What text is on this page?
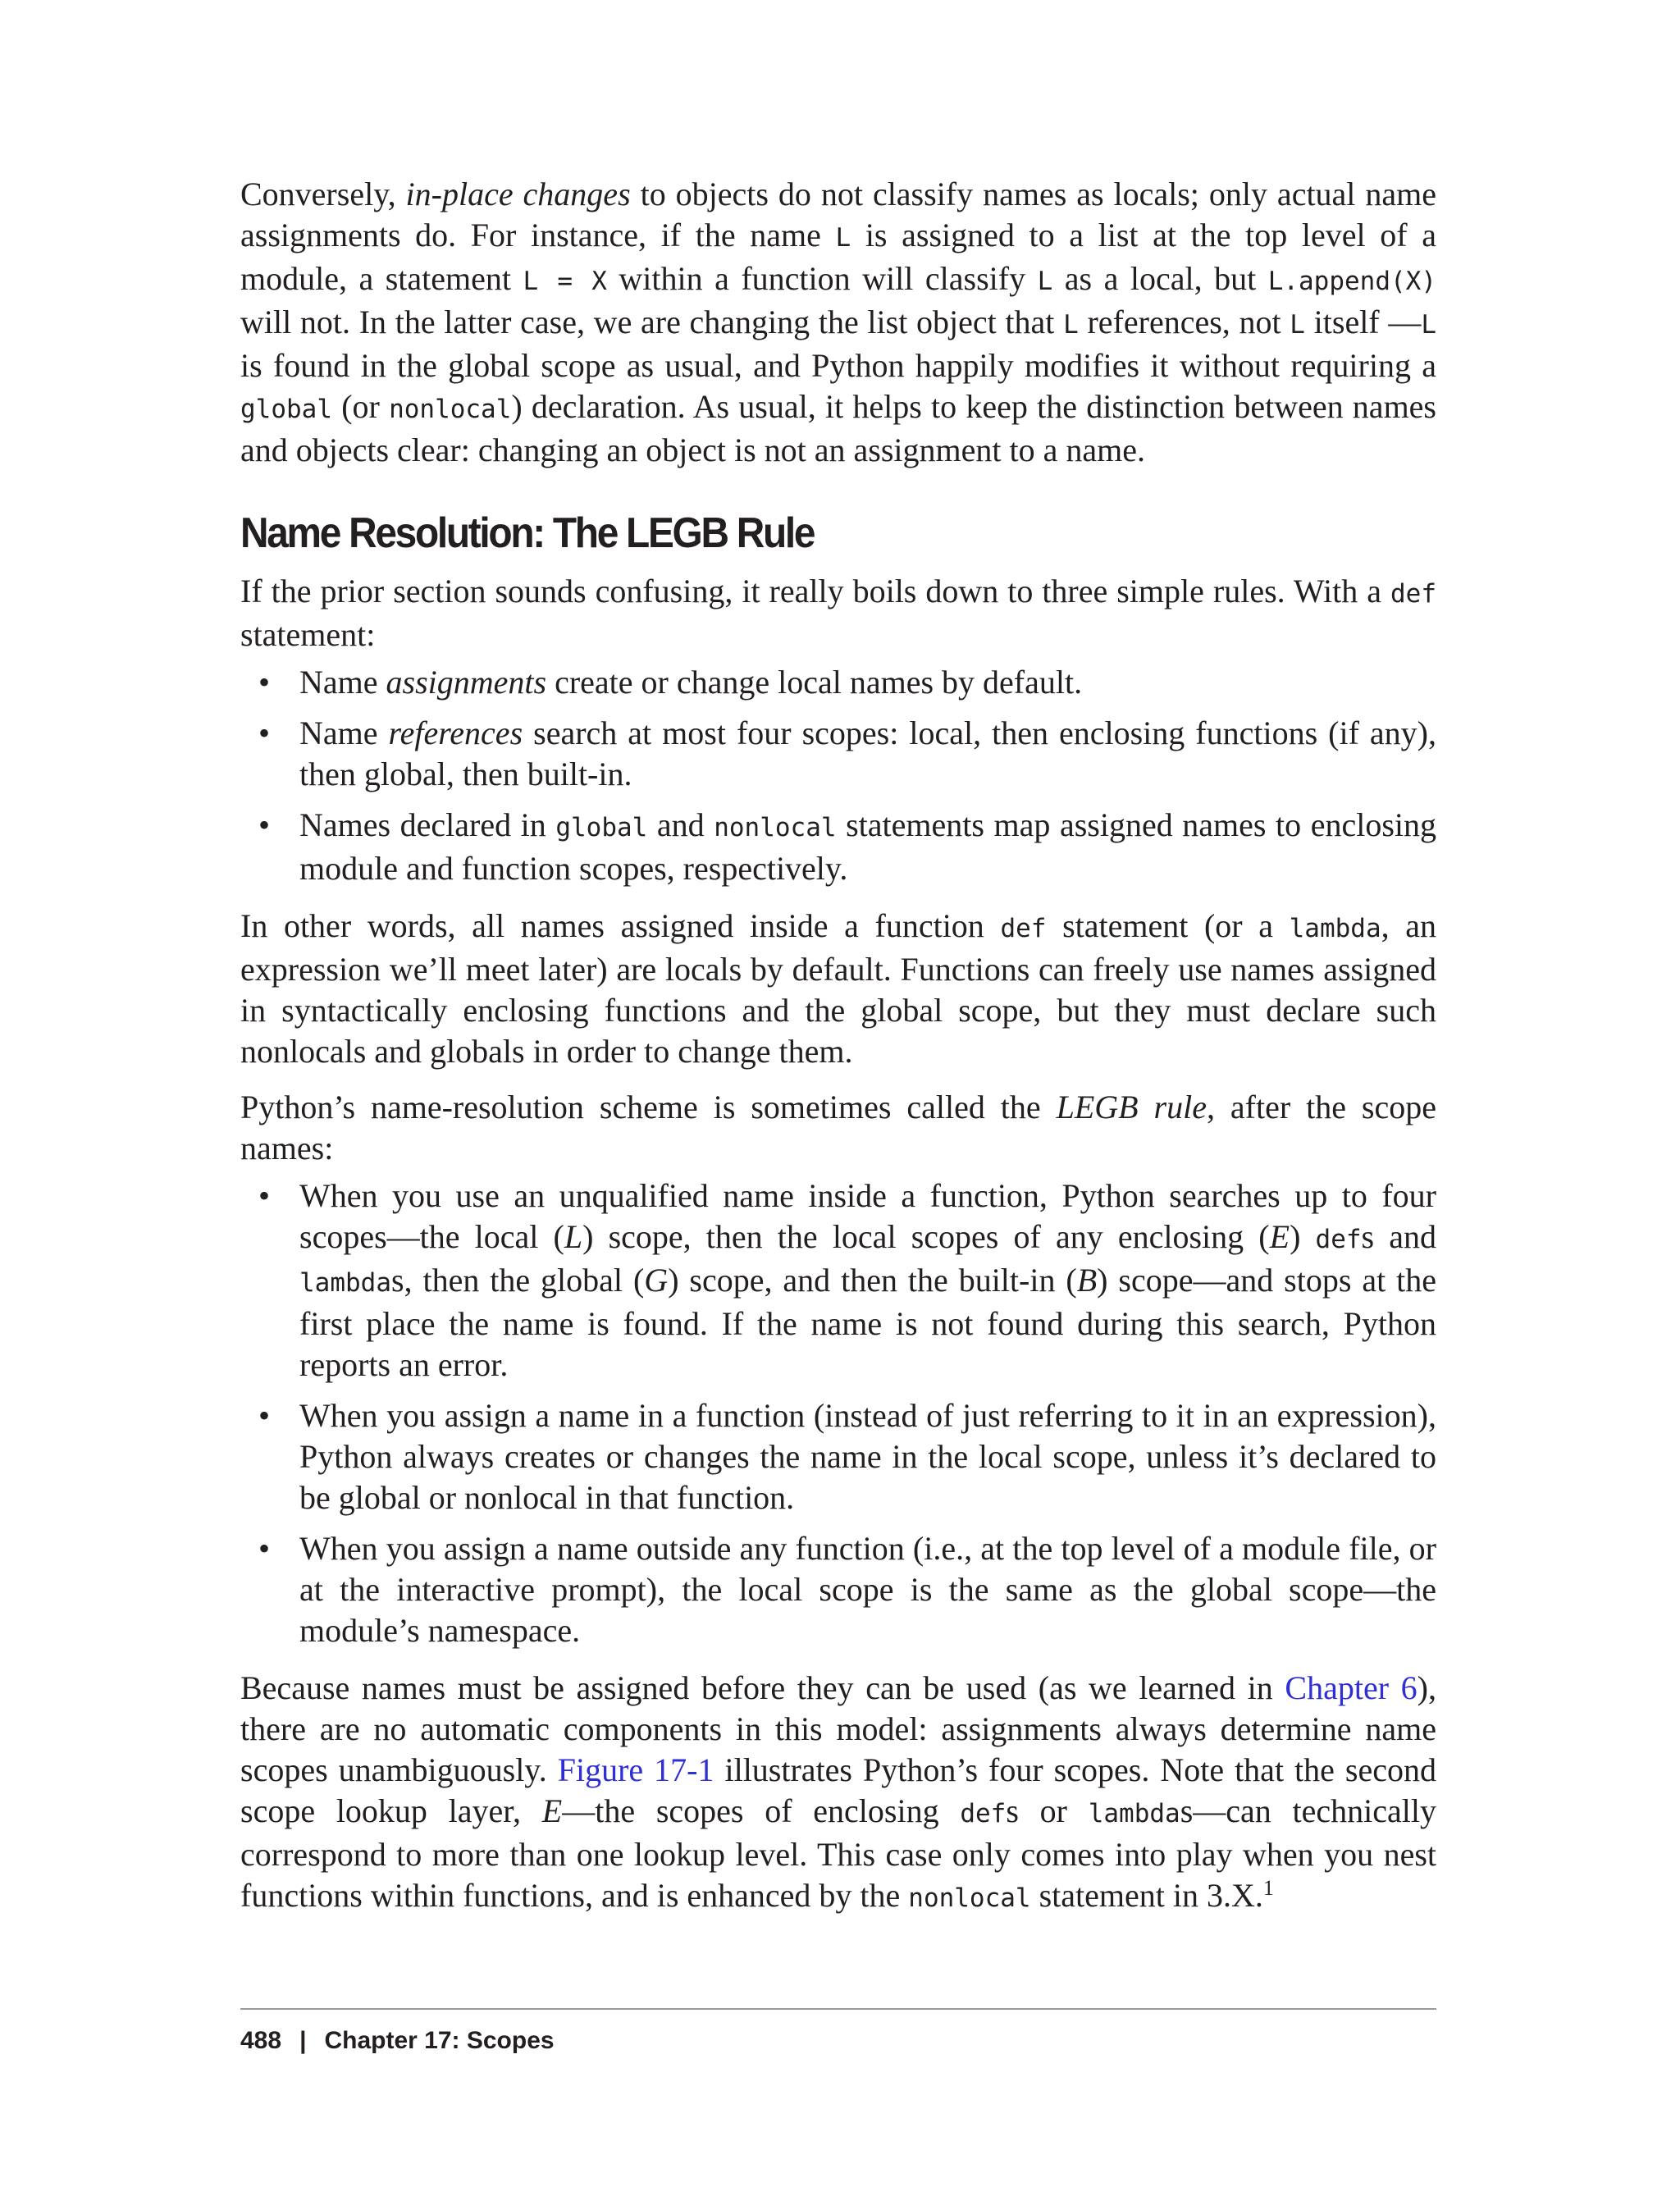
Conversely, in-place changes to objects do not classify names as locals; only actual name assignments do. For instance, if the name L is assigned to a list at the top level of a module, a statement L = X within a function will classify L as a local, but L.append(X) will not. In the latter case, we are changing the list object that L references, not L itself —L is found in the global scope as usual, and Python happily modifies it without requiring a global (or nonlocal) declaration. As usual, it helps to keep the distinction between names and objects clear: changing an object is not an assignment to a name.

Name Resolution: The LEGB Rule

If the prior section sounds confusing, it really boils down to three simple rules. With a def statement:

• Name assignments create or change local names by default.
• Name references search at most four scopes: local, then enclosing functions (if any), then global, then built-in.
• Names declared in global and nonlocal statements map assigned names to enclosing module and function scopes, respectively.

In other words, all names assigned inside a function def statement (or a lambda, an expression we’ll meet later) are locals by default. Functions can freely use names assigned in syntactically enclosing functions and the global scope, but they must declare such nonlocals and globals in order to change them.

Python’s name-resolution scheme is sometimes called the LEGB rule, after the scope names:

• When you use an unqualified name inside a function, Python searches up to four scopes—the local (L) scope, then the local scopes of any enclosing (E) defs and lambdas, then the global (G) scope, and then the built-in (B) scope—and stops at the first place the name is found. If the name is not found during this search, Python reports an error.
• When you assign a name in a function (instead of just referring to it in an expression), Python always creates or changes the name in the local scope, unless it’s declared to be global or nonlocal in that function.
• When you assign a name outside any function (i.e., at the top level of a module file, or at the interactive prompt), the local scope is the same as the global scope—the module’s namespace.

Because names must be assigned before they can be used (as we learned in Chapter 6), there are no automatic components in this model: assignments always determine name scopes unambiguously. Figure 17-1 illustrates Python’s four scopes. Note that the second scope lookup layer, E—the scopes of enclosing defs or lambdas—can technically correspond to more than one lookup level. This case only comes into play when you nest functions within functions, and is enhanced by the nonlocal statement in 3.X.$^1$

488 | Chapter 17: Scopes
